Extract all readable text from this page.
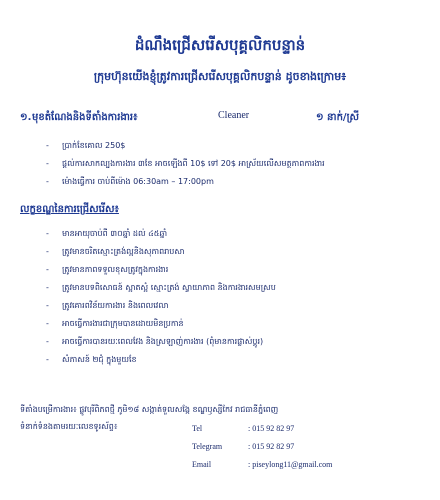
ដំណឹងជ្រើសរើសបុគ្គលិកបន្ទាន់
ក្រុមហ៊ុនយើងខ្ញុំត្រូវការជ្រើសរើសបុគ្គលិកបន្ទាន់ ដូចខាងក្រោម៖
១. មុខតំណែងនិងទីតាំងការងារ៖	Cleaner	១ នាក់/ស្រី
- ប្រាក់ខែគោល 250$
- ផ្តល់ការសាកល្បងការងារ ៣ខែ អាចឡើងពី 10$ ទៅ 20$ អាស្រ័យលើសមត្ថភាពការងារ
- ម៉ោងធ្វើការ ចាប់ពីម៉ោង 06:30am – 17:00pm
លក្ខខណ្ឌនៃការជ្រើសរើស៖
- មានអាយុចាប់ពី ៣០ឆ្នាំ ដល់ ៤៥ឆ្នាំ
- ត្រូវមានចរិតស្មោះត្រង់ល្អនិងសុភាពរាបសា
- ត្រូវមានភាពទទួលខុសត្រូវក្នុងការងារ
- ត្រូវមានបទពិសោធន៍ ស្អាតស្អំ ស្មោះត្រង់ ស្វាយាភាព និងការងារសមស្រប
- ត្រូវគោរពវិន័យការងារ និងពេលវេលា
- អាចធ្វើការងារជាក្រុមបានដោយមិនប្រកាន់
- អាចធ្វើការបានរយៈពេលវែង និងស្រឡាញ់ការងារ (ពុំមានការផ្លាស់ប្តូរ)
- សំភាសន៍ ២ជុំ ក្នុងមួយខែ
ទីតាំងបម្រើការងារ៖ ផ្លូវបុរីពិភពថ្មី ភូមិ១៨ សង្កាត់ទួលសង្កែ ខណ្ឌឫស្សីកែវ រាជធានីភ្នំពេញ
ទំនាក់ទំនងតាមរយៈលេខទូរស័ព្ទ៖	Tel	: 015 92 82 97
Telegram	: 015 92 82 97
Email	: piseylong11@gmail.com
